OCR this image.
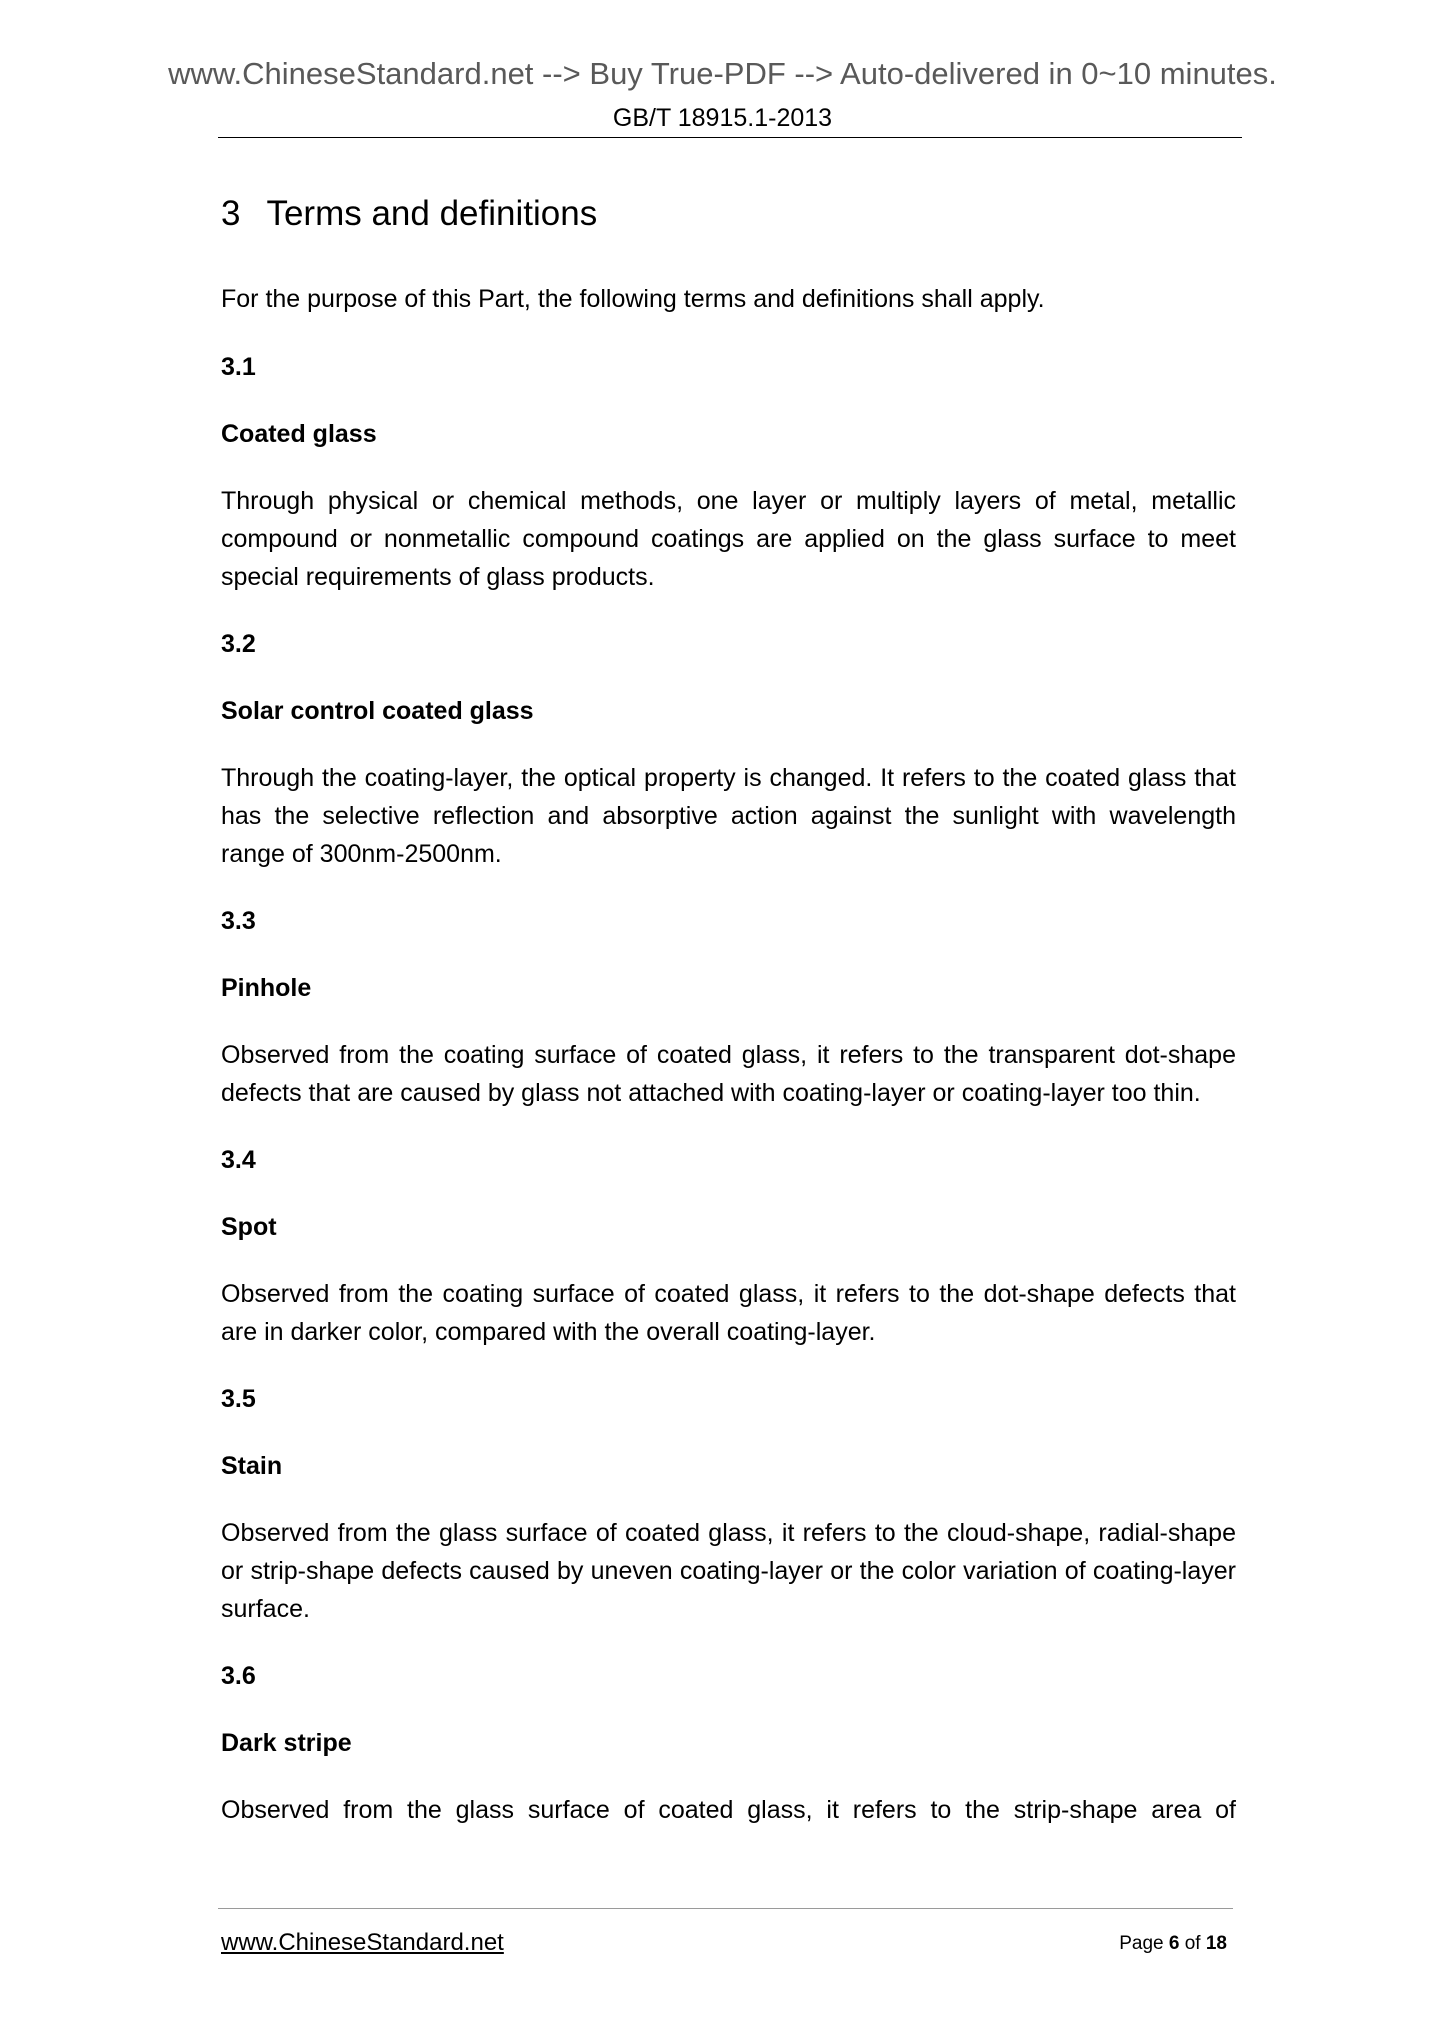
www.ChineseStandard.net --> Buy True-PDF --> Auto-delivered in 0~10 minutes.
GB/T 18915.1-2013
3 Terms and definitions

For the purpose of this Part, the following terms and definitions shall apply.

3.1

Coated glass

Through physical or chemical methods, one layer or multiply layers of metal, metallic compound or nonmetallic compound coatings are applied on the glass surface to meet special requirements of glass products.

3.2

Solar control coated glass

Through the coating-layer, the optical property is changed. It refers to the coated glass that has the selective reflection and absorptive action against the sunlight with wavelength range of 300nm-2500nm.

3.3

Pinhole

Observed from the coating surface of coated glass, it refers to the transparent dot-shape defects that are caused by glass not attached with coating-layer or coating-layer too thin.

3.4

Spot

Observed from the coating surface of coated glass, it refers to the dot-shape defects that are in darker color, compared with the overall coating-layer.

3.5

Stain

Observed from the glass surface of coated glass, it refers to the cloud-shape, radial-shape or strip-shape defects caused by uneven coating-layer or the color variation of coating-layer surface.

3.6

Dark stripe

Observed from the glass surface of coated glass, it refers to the strip-shape area of

www.ChineseStandard.net	Page 6 of 18
